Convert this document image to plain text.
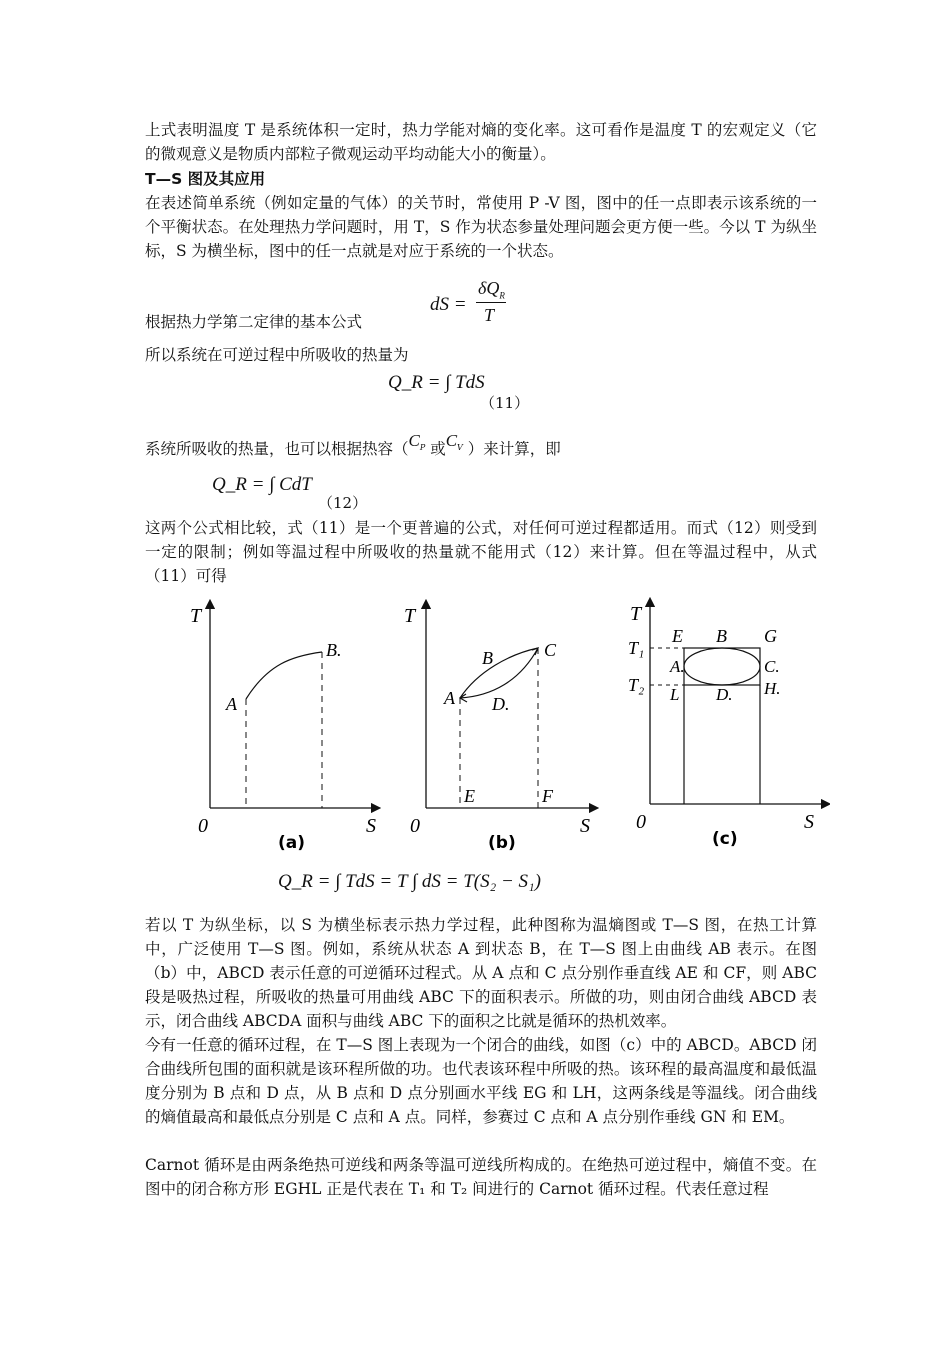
上式表明温度 T 是系统体积一定时，热力学能对熵的变化率。这可看作是温度 T 的宏观定义（它的微观意义是物质内部粒子微观运动平均动能大小的衡量）。

T—S 图及其应用

在表述简单系统（例如定量的气体）的关节时，常使用 P -V 图，图中的任一点即表示该系统的一个平衡状态。在处理热力学问题时，用 T，S 作为状态参量处理问题会更方便一些。今以 T 为纵坐标，S 为横坐标，图中的任一点就是对应于系统的一个状态。

dS =
$\delta Q_R$
T
根据热力学第二定律的基本公式
所以系统在可逆过程中所吸收的热量为
Q_R = ∫ TdS
（11）
系统所吸收的热量，也可以根据热容（$C_P$ 或$C_V$ ）来计算，即
Q_R = ∫ CdT
（12）

这两个公式相比较，式（11）是一个更普遍的公式，对任何可逆过程都适用。而式（12）则受到一定的限制；例如等温过程中所吸收的热量就不能用式（12）来计算。但在等温过程中，从式（11）可得

T
S
0
A
B.
(a)
T
S
0
A
B	C
D.
E	F
(b)
T
S
0
T₁
T₂
E B G
A.	C.
L D. H.
(c)
Q_R = ∫ TdS = T ∫ dS = T(S₂ − S₁)

若以 T 为纵坐标，以 S 为横坐标表示热力学过程，此种图称为温熵图或 T—S 图，在热工计算中，广泛使用 T—S 图。例如，系统从状态 A 到状态 B，在 T—S 图上由曲线 AB 表示。在图（b）中，ABCD 表示任意的可逆循环过程式。从 A 点和 C 点分别作垂直线 AE 和 CF，则 ABC 段是吸热过程，所吸收的热量可用曲线 ABC 下的面积表示。所做的功，则由闭合曲线 ABCD 表示，闭合曲线 ABCDA 面积与曲线 ABC 下的面积之比就是循环的热机效率。

今有一任意的循环过程，在 T—S 图上表现为一个闭合的曲线，如图（c）中的 ABCD。ABCD 闭合曲线所包围的面积就是该环程所做的功。也代表该环程中所吸的热。该环程的最高温度和最低温度分别为 B 点和 D 点，从 B 点和 D 点分别画水平线 EG 和 LH，这两条线是等温线。闭合曲线的熵值最高和最低点分别是 C 点和 A 点。同样，参赛过 C 点和 A 点分别作垂线 GN 和 EM。

Carnot 循环是由两条绝热可逆线和两条等温可逆线所构成的。在绝热可逆过程中，熵值不变。在图中的闭合称方形 EGHL 正是代表在 T₁ 和 T₂ 间进行的 Carnot 循环过程。代表任意过程
